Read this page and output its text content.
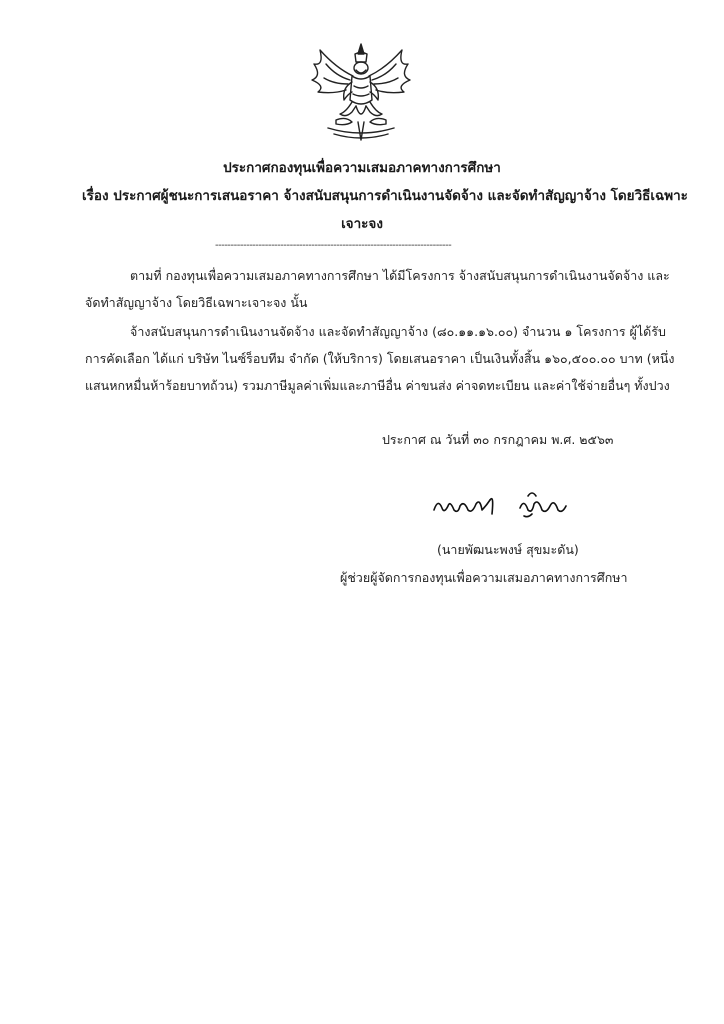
ประกาศกองทุนเพื่อความเสมอภาคทางการศึกษา
เรื่อง ประกาศผู้ชนะการเสนอราคา จ้างสนับสนุนการดำเนินงานจัดจ้าง และจัดทำสัญญาจ้าง โดยวิธีเฉพาะ
เจาะจง
----------------------------------------------------------------------------
ตามที่ กองทุนเพื่อความเสมอภาคทางการศึกษา ได้มีโครงการ จ้างสนับสนุนการดำเนินงานจัดจ้าง และ
จัดทำสัญญาจ้าง โดยวิธีเฉพาะเจาะจง นั้น
จ้างสนับสนุนการดำเนินงานจัดจ้าง และจัดทำสัญญาจ้าง (๘๐.๑๑.๑๖.๐๐) จำนวน ๑ โครงการ ผู้ได้รับ
การคัดเลือก ได้แก่ บริษัท ไนซ์ร็อบทีม จำกัด (ให้บริการ) โดยเสนอราคา เป็นเงินทั้งสิ้น ๑๖๐,๕๐๐.๐๐ บาท (หนึ่ง
แสนหกหมื่นห้าร้อยบาทถ้วน) รวมภาษีมูลค่าเพิ่มและภาษีอื่น ค่าขนส่ง ค่าจดทะเบียน และค่าใช้จ่ายอื่นๆ ทั้งปวง
ประกาศ ณ วันที่ ๓๐ กรกฎาคม พ.ศ. ๒๕๖๓
(นายพัฒนะพงษ์ สุขมะดัน)
ผู้ช่วยผู้จัดการกองทุนเพื่อความเสมอภาคทางการศึกษา
